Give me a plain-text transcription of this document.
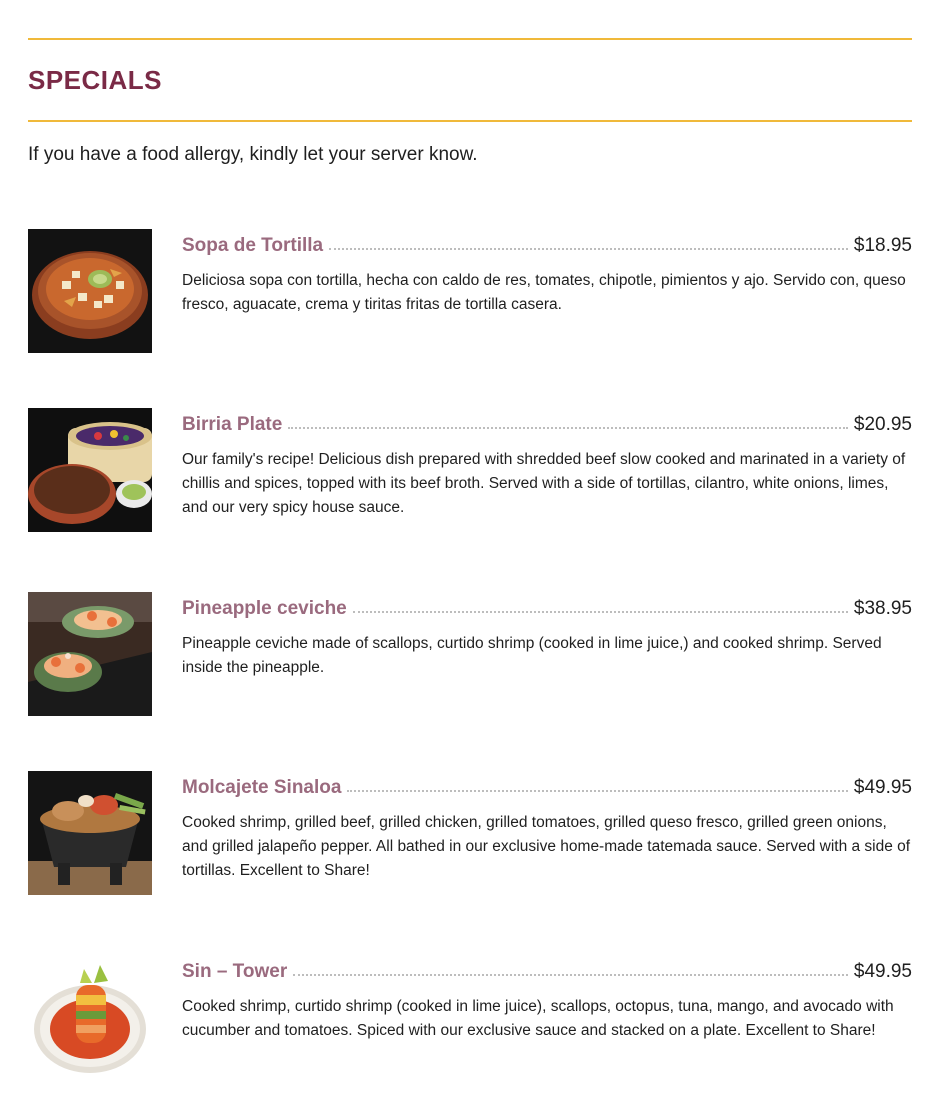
SPECIALS
If you have a food allergy, kindly let your server know.
Sopa de Tortilla	$18.95
Deliciosa sopa con tortilla, hecha con caldo de res, tomates, chipotle, pimientos y ajo. Servido con, queso fresco, aguacate, crema y tiritas fritas de tortilla casera.
Birria Plate	$20.95
Our family's recipe! Delicious dish prepared with shredded beef slow cooked and marinated in a variety of chillis and spices, topped with its beef broth. Served with a side of tortillas, cilantro, white onions, limes, and our very spicy house sauce.
Pineapple ceviche	$38.95
Pineapple ceviche made of scallops, curtido shrimp (cooked in lime juice,) and cooked shrimp. Served inside the pineapple.
Molcajete Sinaloa	$49.95
Cooked shrimp, grilled beef, grilled chicken, grilled tomatoes, grilled queso fresco, grilled green onions, and grilled jalapeño pepper. All bathed in our exclusive home-made tatemada sauce. Served with a side of tortillas. Excellent to Share!
Sin – Tower	$49.95
Cooked shrimp, curtido shrimp (cooked in lime juice), scallops, octopus, tuna, mango, and avocado with cucumber and tomatoes. Spiced with our exclusive sauce and stacked on a plate. Excellent to Share!
